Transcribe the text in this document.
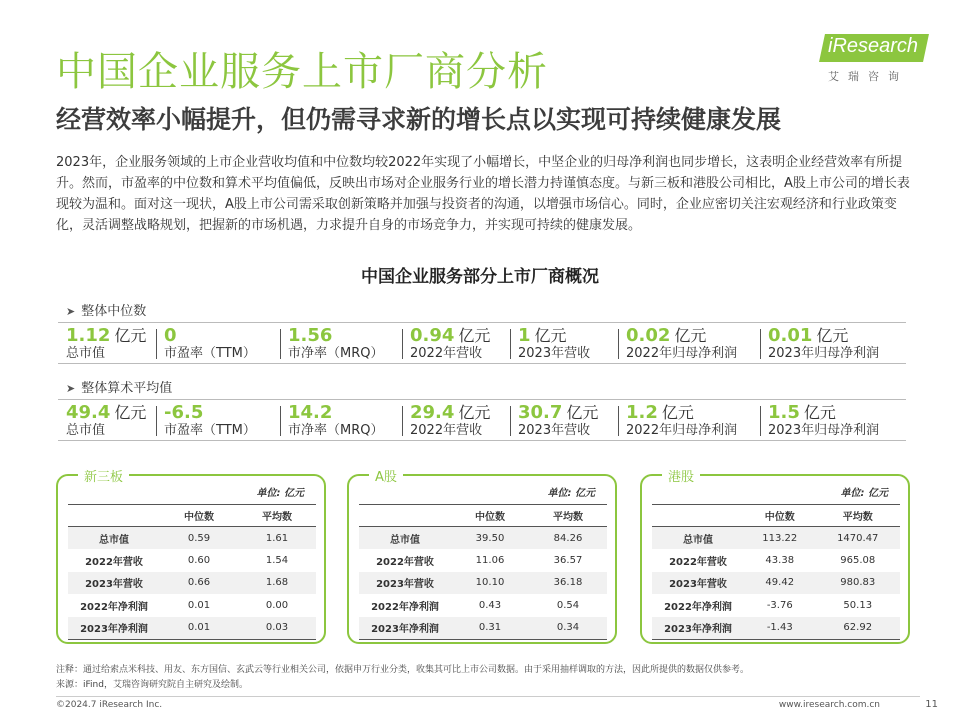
中国企业服务上市厂商分析
经营效率小幅提升，但仍需寻求新的增长点以实现可持续健康发展
iResearch
艾瑞咨询

2023年，企业服务领域的上市企业营收均值和中位数均较2022年实现了小幅增长，中坚企业的归母净利润也同步增长，这表明企业经营效率有所提升。然而，市盈率的中位数和算术平均值偏低，反映出市场对企业服务行业的增长潜力持谨慎态度。与新三板和港股公司相比，A股上市公司的增长表现较为温和。面对这一现状，A股上市公司需采取创新策略并加强与投资者的沟通，以增强市场信心。同时，企业应密切关注宏观经济和行业政策变化，灵活调整战略规划，把握新的市场机遇，力求提升自身的市场竞争力，并实现可持续的健康发展。

中国企业服务部分上市厂商概况
➤ 整体中位数
1.12 亿元
总市值
0
市盈率（TTM）
1.56
市净率（MRQ）
0.94 亿元
2022年营收
1 亿元
2023年营收
0.02 亿元
2022年归母净利润
0.01 亿元
2023年归母净利润
➤ 整体算术平均值
49.4 亿元
总市值
-6.5
市盈率（TTM）
14.2
市净率（MRQ）
29.4 亿元
2022年营收
30.7 亿元
2023年营收
1.2 亿元
2022年归母净利润
1.5 亿元
2023年归母净利润
新三板
单位: 亿元
	中位数	平均数
总市值	0.59	1.61
2022年营收	0.60	1.54
2023年营收	0.66	1.68
2022年净利润	0.01	0.00
2023年净利润	0.01	0.03
A股
单位: 亿元
	中位数	平均数
总市值	39.50	84.26
2022年营收	11.06	36.57
2023年营收	10.10	36.18
2022年净利润	0.43	0.54
2023年净利润	0.31	0.34
港股
单位: 亿元
	中位数	平均数
总市值	113.22	1470.47
2022年营收	43.38	965.08
2023年营收	49.42	980.83
2022年净利润	-3.76	50.13
2023年净利润	-1.43	62.92
注释：通过给索点米科技、用友、东方国信、玄武云等行业相关公司，依据申万行业分类，收集其可比上市公司数据。由于采用抽样调取的方法，因此所提供的数据仅供参考。
来源：iFind，艾瑞咨询研究院自主研究及绘制。
©2024.7 iResearch Inc.	www.iresearch.com.cn	11
